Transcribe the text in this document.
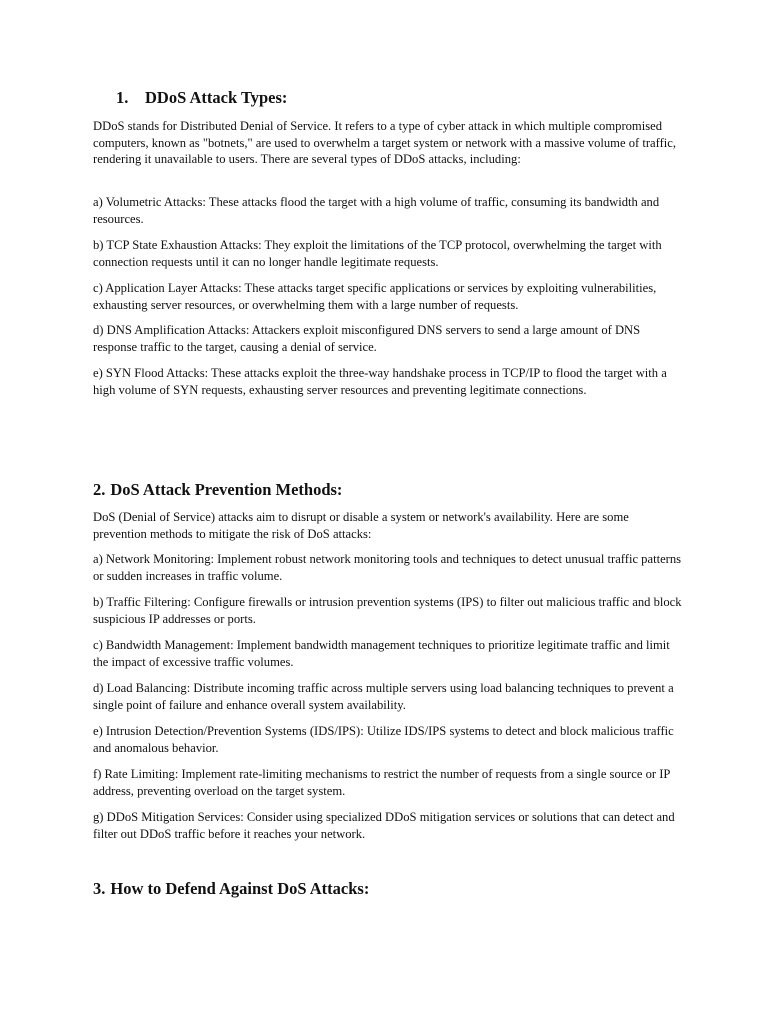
1. DDoS Attack Types:

DDoS stands for Distributed Denial of Service. It refers to a type of cyber attack in which multiple compromised computers, known as "botnets," are used to overwhelm a target system or network with a massive volume of traffic, rendering it unavailable to users. There are several types of DDoS attacks, including:

a) Volumetric Attacks: These attacks flood the target with a high volume of traffic, consuming its bandwidth and resources.

b) TCP State Exhaustion Attacks: They exploit the limitations of the TCP protocol, overwhelming the target with connection requests until it can no longer handle legitimate requests.

c) Application Layer Attacks: These attacks target specific applications or services by exploiting vulnerabilities, exhausting server resources, or overwhelming them with a large number of requests.

d) DNS Amplification Attacks: Attackers exploit misconfigured DNS servers to send a large amount of DNS response traffic to the target, causing a denial of service.

e) SYN Flood Attacks: These attacks exploit the three-way handshake process in TCP/IP to flood the target with a high volume of SYN requests, exhausting server resources and preventing legitimate connections.

2. DoS Attack Prevention Methods:

DoS (Denial of Service) attacks aim to disrupt or disable a system or network's availability. Here are some prevention methods to mitigate the risk of DoS attacks:

a) Network Monitoring: Implement robust network monitoring tools and techniques to detect unusual traffic patterns or sudden increases in traffic volume.

b) Traffic Filtering: Configure firewalls or intrusion prevention systems (IPS) to filter out malicious traffic and block suspicious IP addresses or ports.

c) Bandwidth Management: Implement bandwidth management techniques to prioritize legitimate traffic and limit the impact of excessive traffic volumes.

d) Load Balancing: Distribute incoming traffic across multiple servers using load balancing techniques to prevent a single point of failure and enhance overall system availability.

e) Intrusion Detection/Prevention Systems (IDS/IPS): Utilize IDS/IPS systems to detect and block malicious traffic and anomalous behavior.

f) Rate Limiting: Implement rate-limiting mechanisms to restrict the number of requests from a single source or IP address, preventing overload on the target system.

g) DDoS Mitigation Services: Consider using specialized DDoS mitigation services or solutions that can detect and filter out DDoS traffic before it reaches your network.

3. How to Defend Against DoS Attacks:
